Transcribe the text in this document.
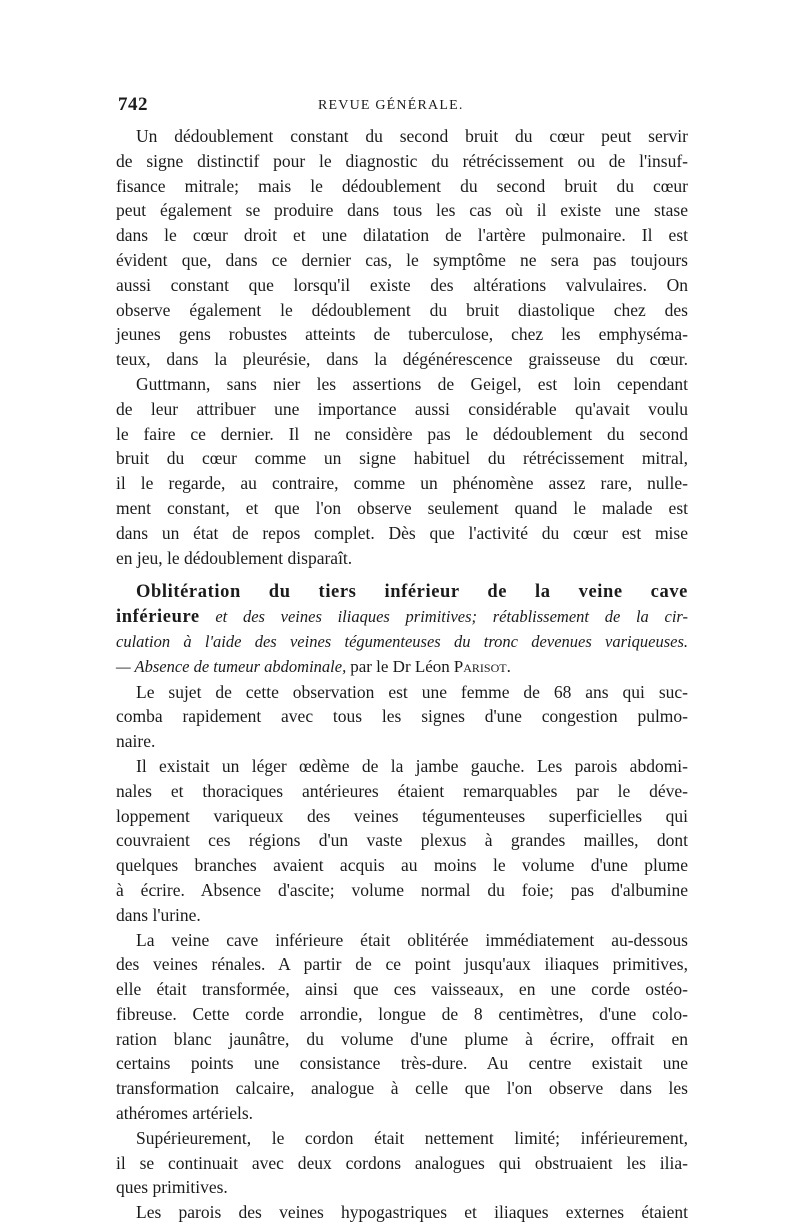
742	REVUE GÉNÉRALE.
Un dédoublement constant du second bruit du cœur peut servir
de signe distinctif pour le diagnostic du rétrécissement ou de l'insuf-
fisance mitrale; mais le dédoublement du second bruit du cœur
peut également se produire dans tous les cas où il existe une stase
dans le cœur droit et une dilatation de l'artère pulmonaire. Il est
évident que, dans ce dernier cas, le symptôme ne sera pas toujours
aussi constant que lorsqu'il existe des altérations valvulaires. On
observe également le dédoublement du bruit diastolique chez des
jeunes gens robustes atteints de tuberculose, chez les emphyséma-
teux, dans la pleurésie, dans la dégénérescence graisseuse du cœur.
Guttmann, sans nier les assertions de Geigel, est loin cependant
de leur attribuer une importance aussi considérable qu'avait voulu
le faire ce dernier. Il ne considère pas le dédoublement du second
bruit du cœur comme un signe habituel du rétrécissement mitral,
il le regarde, au contraire, comme un phénomène assez rare, nulle-
ment constant, et que l'on observe seulement quand le malade est
dans un état de repos complet. Dès que l'activité du cœur est mise
en jeu, le dédoublement disparaît.
Oblitération du tiers inférieur de la veine cave
inférieure et des veines iliaques primitives; rétablissement de la cir-
culation à l'aide des veines tégumenteuses du tronc devenues variqueuses.
— Absence de tumeur abdominale, par le Dr Léon Parisot.
Le sujet de cette observation est une femme de 68 ans qui suc-
comba rapidement avec tous les signes d'une congestion pulmo-
naire.
Il existait un léger œdème de la jambe gauche. Les parois abdomi-
nales et thoraciques antérieures étaient remarquables par le déve-
loppement variqueux des veines tégumenteuses superficielles qui
couvraient ces régions d'un vaste plexus à grandes mailles, dont
quelques branches avaient acquis au moins le volume d'une plume
à écrire. Absence d'ascite; volume normal du foie; pas d'albumine
dans l'urine.
La veine cave inférieure était oblitérée immédiatement au-dessous
des veines rénales. A partir de ce point jusqu'aux iliaques primitives,
elle était transformée, ainsi que ces vaisseaux, en une corde ostéo-
fibreuse. Cette corde arrondie, longue de 8 centimètres, d'une colo-
ration blanc jaunâtre, du volume d'une plume à écrire, offrait en
certains points une consistance très-dure. Au centre existait une
transformation calcaire, analogue à celle que l'on observe dans les
athéromes artériels.
Supérieurement, le cordon était nettement limité; inférieurement,
il se continuait avec deux cordons analogues qui obstruaient les ilia-
ques primitives.
Les parois des veines hypogastriques et iliaques externes étaient
